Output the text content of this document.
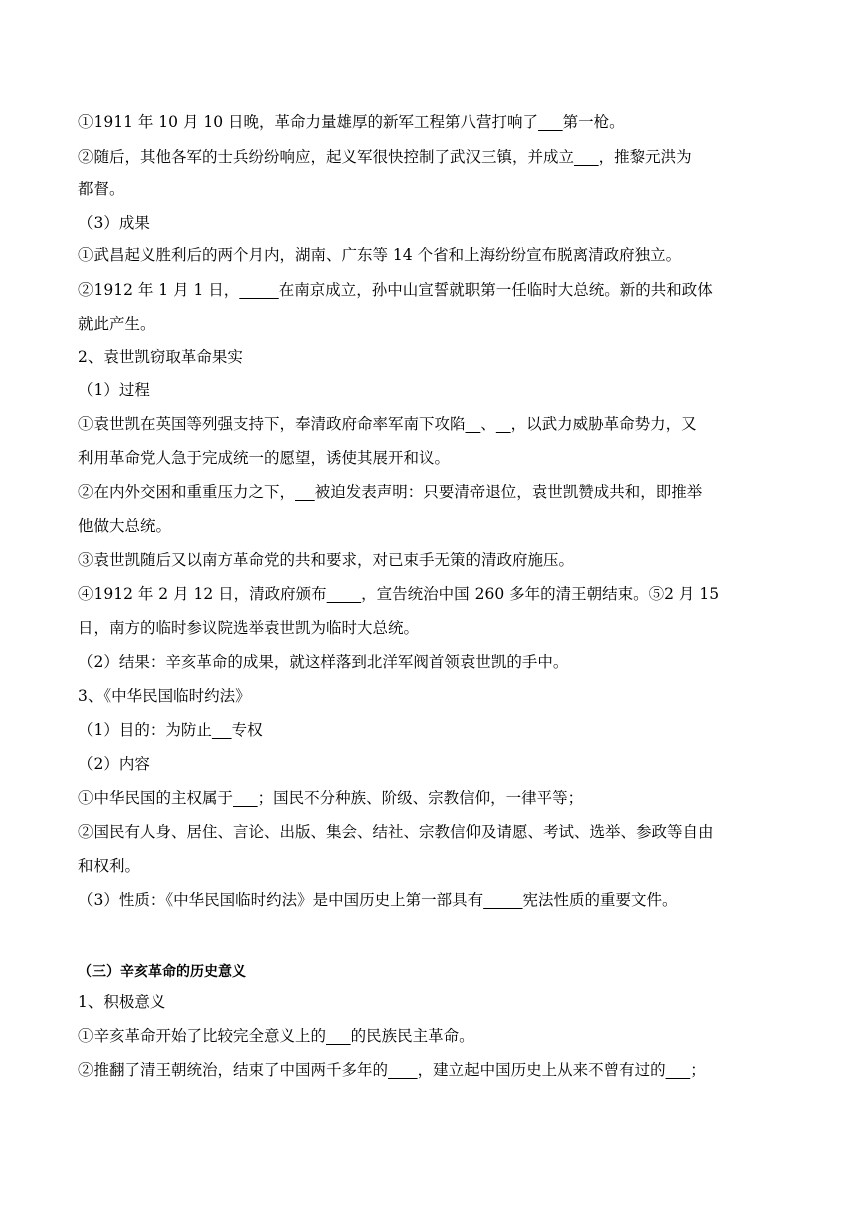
①1911 年 10 月 10 日晚，革命力量雄厚的新军工程第八营打响了 第一枪。
②随后，其他各军的士兵纷纷响应，起义军很快控制了武汉三镇，并成立 ，推黎元洪为
都督。
（3）成果
①武昌起义胜利后的两个月内，湖南、广东等 14 个省和上海纷纷宣布脱离清政府独立。
②1912 年 1 月 1 日，	在南京成立，孙中山宣誓就职第一任临时大总统。新的共和政体
就此产生。
2、袁世凯窃取革命果实
（1）过程
①袁世凯在英国等列强支持下，奉清政府命率军南下攻陷 、 ，以武力威胁革命势力，又
利用革命党人急于完成统一的愿望，诱使其展开和议。
②在内外交困和重重压力之下， 被迫发表声明：只要清帝退位，袁世凯赞成共和，即推举
他做大总统。
③袁世凯随后又以南方革命党的共和要求，对已束手无策的清政府施压。
④1912 年 2 月 12 日，清政府颁布 ，宣告统治中国 260 多年的清王朝结束。⑤2 月 15
日，南方的临时参议院选举袁世凯为临时大总统。
（2）结果：辛亥革命的成果，就这样落到北洋军阀首领袁世凯的手中。
3、《中华民国临时约法》
（1）目的：为防止 专权
（2）内容
①中华民国的主权属于 ；国民不分种族、阶级、宗教信仰，一律平等；
②国民有人身、居住、言论、出版、集会、结社、宗教信仰及请愿、考试、选举、参政等自由
和权利。
（3）性质：《中华民国临时约法》是中国历史上第一部具有	宪法性质的重要文件。
（三）辛亥革命的历史意义
1、积极意义
①辛亥革命开始了比较完全意义上的 的民族民主革命。
②推翻了清王朝统治，结束了中国两千多年的 ，建立起中国历史上从来不曾有过的 ；
